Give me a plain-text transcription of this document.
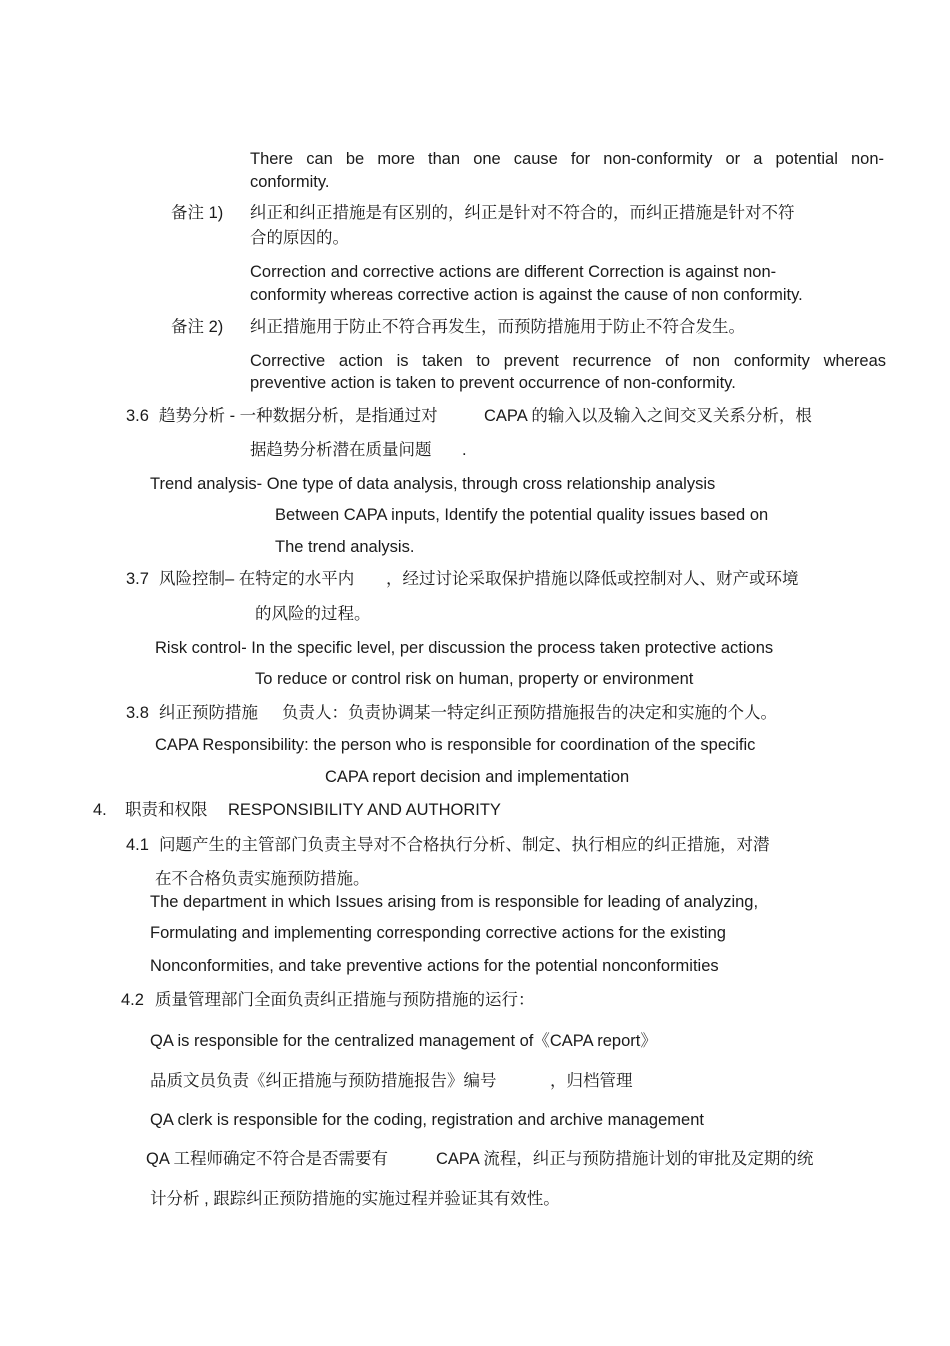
There can be more than one cause for non-conformity or a potential non-
conformity.
备注 1) 纠正和纠正措施是有区别的，纠正是针对不符合的，而纠正措施是针对不符
合的原因的。
Correction and corrective actions are different Correction is against non-
conformity whereas corrective action is against the cause of non conformity.
备注 2) 纠正措施用于防止不符合再发生，而预防措施用于防止不符合发生。
Corrective action is taken to prevent recurrence of non conformity whereas
preventive action is taken to prevent occurrence of non-conformity.
3.6 趋势分析 - 一种数据分析，是指通过对	CAPA 的输入以及输入之间交叉关系分析，根
据趋势分析潜在质量问题 .
Trend analysis- One type of data analysis, through cross relationship analysis
Between CAPA inputs, Identify the potential quality issues based on
The trend analysis.
3.7 风险控制– 在特定的水平内 ，经过讨论采取保护措施以降低或控制对人、财产或环境
的风险的过程。
Risk control- In the specific level, per discussion the process taken protective actions
To reduce or control risk on human, property or environment
3.8 纠正预防措施 负责人：负责协调某一特定纠正预防措施报告的决定和实施的个人。
CAPA Responsibility: the person who is responsible for coordination of the specific
CAPA report decision and implementation
4. 职责和权限 RESPONSIBILITY AND AUTHORITY
4.1 问题产生的主管部门负责主导对不合格执行分析、制定、执行相应的纠正措施，对潜
在不合格负责实施预防措施。
The department in which Issues arising from is responsible for leading of analyzing,
Formulating and implementing corresponding corrective actions for the existing
Nonconformities, and take preventive actions for the potential nonconformities
4.2 质量管理部门全面负责纠正措施与预防措施的运行：
QA is responsible for the centralized management of《CAPA report》
品质文员负责《纠正措施与预防措施报告》编号	，归档管理
QA clerk is responsible for the coding, registration and archive management
QA 工程师确定不符合是否需要有	CAPA 流程，纠正与预防措施计划的审批及定期的统
计分析 , 跟踪纠正预防措施的实施过程并验证其有效性。
